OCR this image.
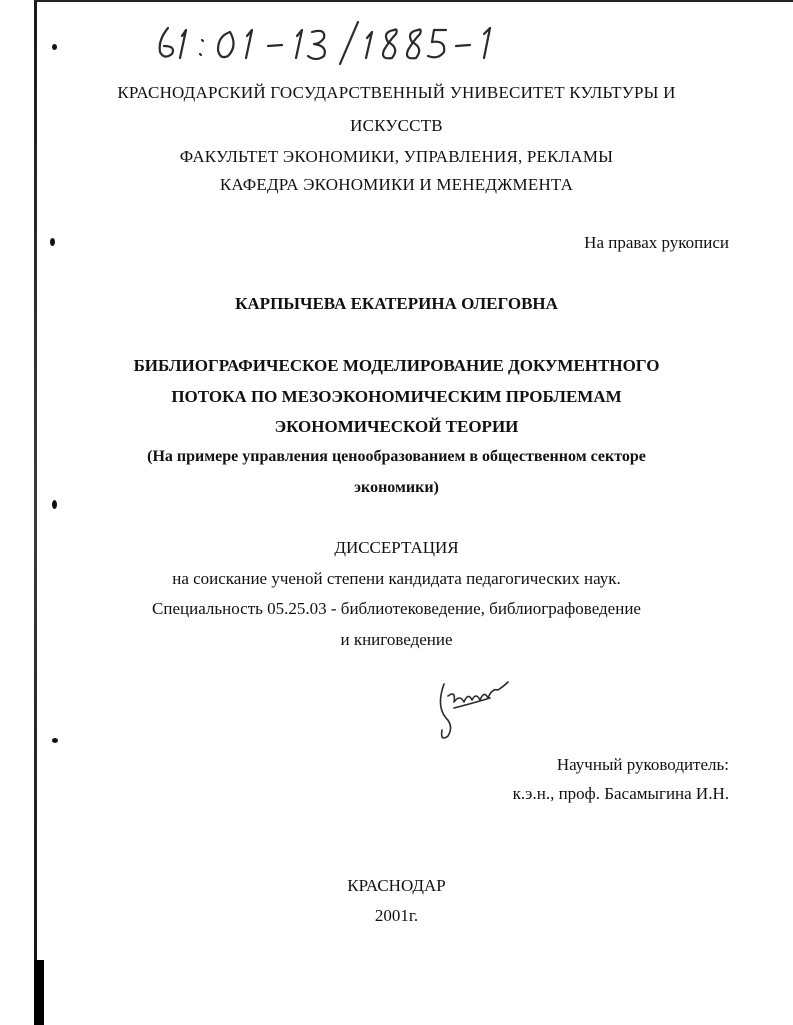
КРАСНОДАРСКИЙ ГОСУДАРСТВЕННЫЙ УНИВЕСИТЕТ КУЛЬТУРЫ И
ИСКУССТВ
ФАКУЛЬТЕТ ЭКОНОМИКИ, УПРАВЛЕНИЯ, РЕКЛАМЫ
КАФЕДРА ЭКОНОМИКИ И МЕНЕДЖМЕНТА
На правах рукописи
КАРПЫЧЕВА ЕКАТЕРИНА ОЛЕГОВНА
БИБЛИОГРАФИЧЕСКОЕ МОДЕЛИРОВАНИЕ ДОКУМЕНТНОГО
ПОТОКА ПО МЕЗОЭКОНОМИЧЕСКИМ ПРОБЛЕМАМ
ЭКОНОМИЧЕСКОЙ ТЕОРИИ
(На примере управления ценообразованием в общественном секторе
экономики)
ДИССЕРТАЦИЯ
на соискание ученой степени кандидата педагогических наук.
Специальность 05.25.03 - библиотековедение, библиографоведение
и книговедение
Научный руководитель:
к.э.н., проф. Басамыгина И.Н.
КРАСНОДАР
2001г.
